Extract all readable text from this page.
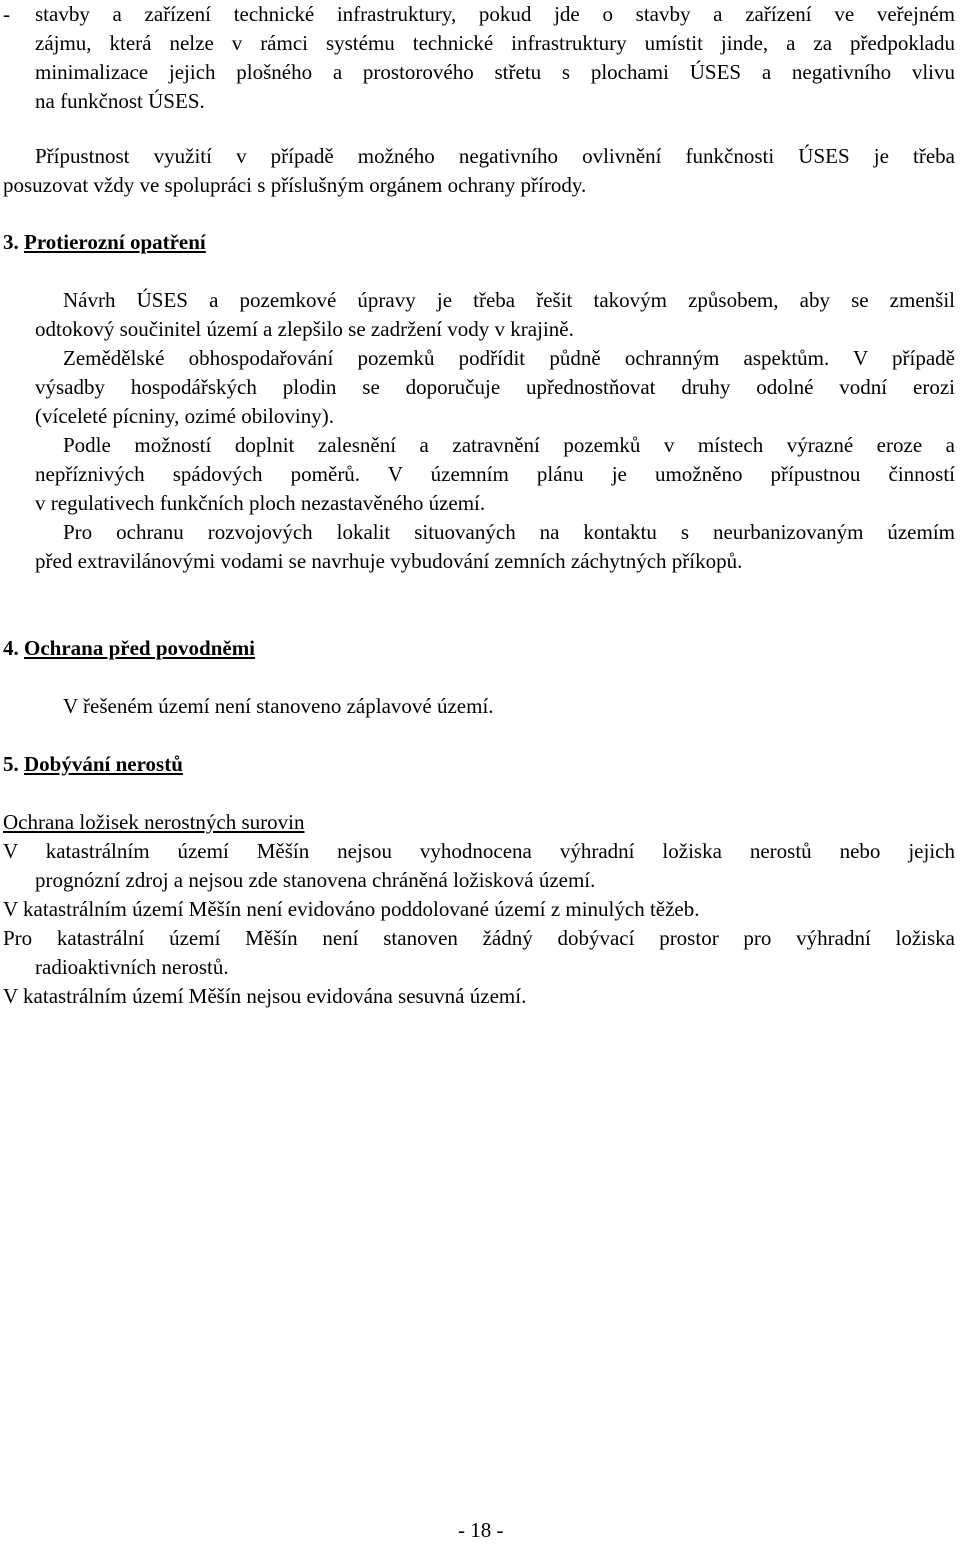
- stavby a zařízení technické infrastruktury, pokud jde o stavby a zařízení ve veřejném
zájmu, která nelze v rámci systému technické infrastruktury umístit jinde, a za předpokladu
minimalizace jejich plošného a prostorového střetu s plochami ÚSES a negativního vlivu
na funkčnost ÚSES.
Přípustnost využití v případě možného negativního ovlivnění funkčnosti ÚSES je třeba
posuzovat vždy ve spolupráci s příslušným orgánem ochrany přírody.
3. Protierozní opatření
Návrh ÚSES a pozemkové úpravy je třeba řešit takovým způsobem, aby se zmenšil
odtokový součinitel území a zlepšilo se zadržení vody v krajině.
Zemědělské obhospodařování pozemků podřídit půdně ochranným aspektům. V případě
výsadby hospodářských plodin se doporučuje upřednostňovat druhy odolné vodní erozi
(víceleté pícniny, ozimé obiloviny).
Podle možností doplnit zalesnění a zatravnění pozemků v místech výrazné eroze a
nepříznivých spádových poměrů. V územním plánu je umožněno přípustnou činností
v regulativech funkčních ploch nezastavěného území.
Pro ochranu rozvojových lokalit situovaných na kontaktu s neurbanizovaným územím
před extravilánovými vodami se navrhuje vybudování zemních záchytných příkopů.
4. Ochrana před povodněmi
V řešeném území není stanoveno záplavové území.
5. Dobývání nerostů
Ochrana ložisek nerostných surovin
V katastrálním území Měšín nejsou vyhodnocena výhradní ložiska nerostů nebo jejich
prognózní zdroj a nejsou zde stanovena chráněná ložisková území.
V katastrálním území Měšín není evidováno poddolované území z minulých těžeb.
Pro katastrální území Měšín není stanoven žádný dobývací prostor pro výhradní ložiska
radioaktivních nerostů.
V katastrálním území Měšín nejsou evidována sesuvná území.
- 18 -
